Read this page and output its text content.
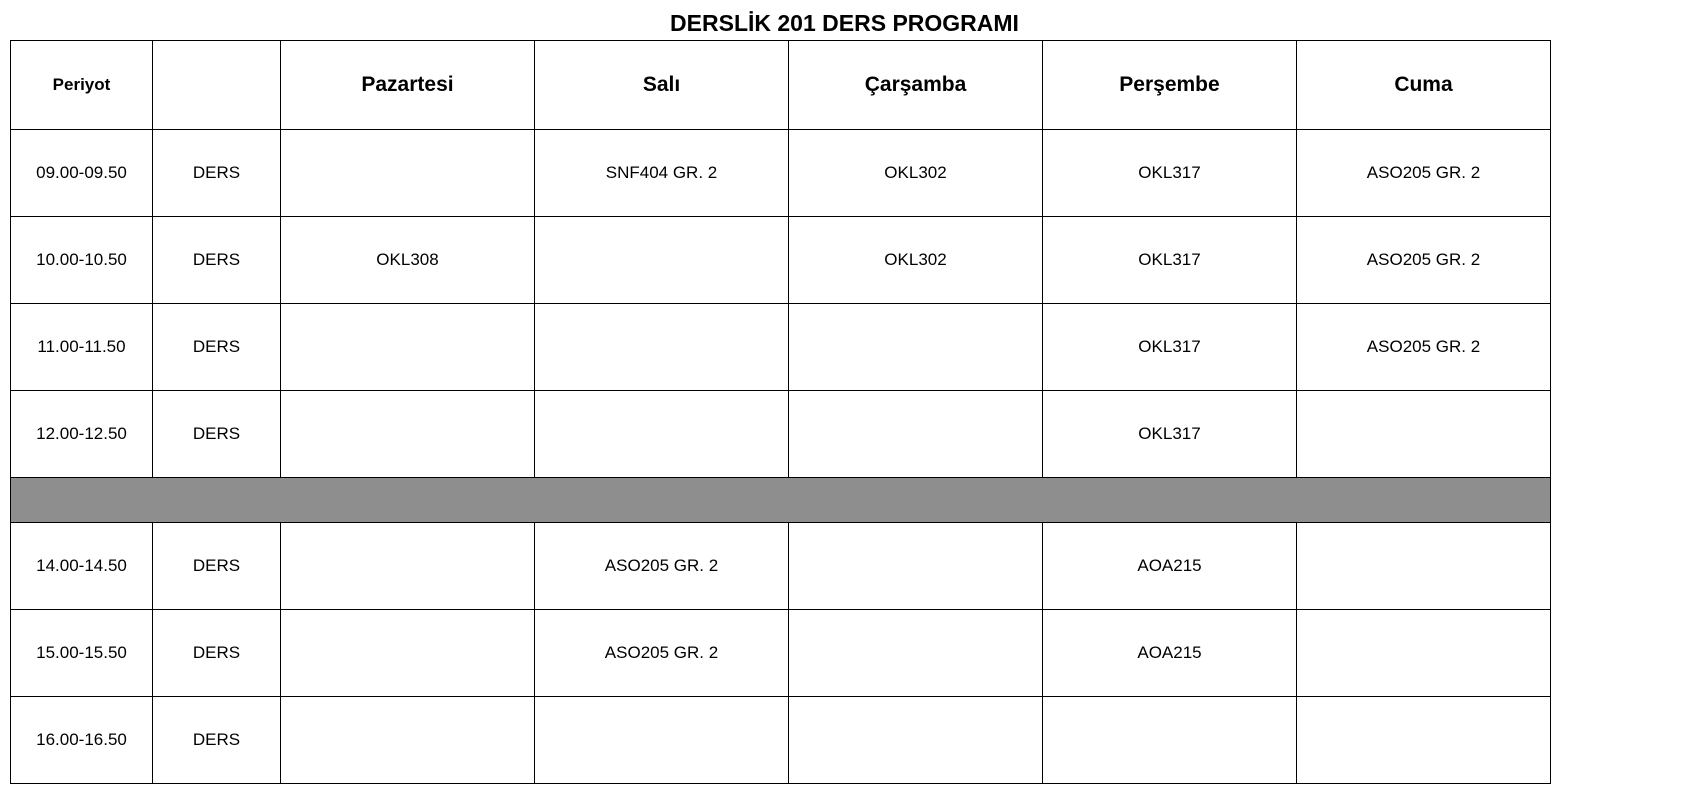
DERSLİK 201 DERS PROGRAMI
Periyot		Pazartesi	Salı	Çarşamba	Perşembe	Cuma
09.00-09.50	DERS		SNF404 GR. 2	OKL302	OKL317	ASO205 GR. 2
10.00-10.50	DERS	OKL308		OKL302	OKL317	ASO205 GR. 2
11.00-11.50	DERS				OKL317	ASO205 GR. 2
12.00-12.50	DERS				OKL317	

14.00-14.50	DERS		ASO205 GR. 2		AOA215	
15.00-15.50	DERS		ASO205 GR. 2		AOA215	
16.00-16.50	DERS					
